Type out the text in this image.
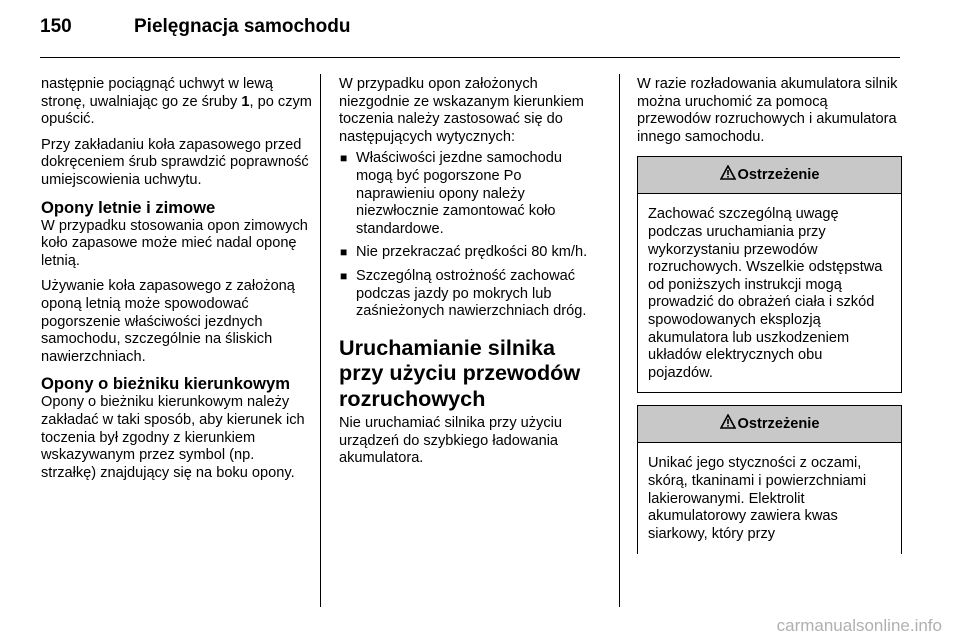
150	Pielęgnacja samochodu

następnie pociągnąć uchwyt w lewą stronę, uwalniając go ze śruby 1, po czym opuścić.

Przy zakładaniu koła zapasowego przed dokręceniem śrub sprawdzić poprawność umiejscowienia uchwytu.

Opony letnie i zimowe

W przypadku stosowania opon zimowych koło zapasowe może mieć nadal oponę letnią.

Używanie koła zapasowego z założoną oponą letnią może spowodować pogorszenie właściwości jezdnych samochodu, szczególnie na śliskich nawierzchniach.

Opony o bieżniku kierunkowym

Opony o bieżniku kierunkowym należy zakładać w taki sposób, aby kierunek ich toczenia był zgodny z kierunkiem wskazywanym przez symbol (np. strzałkę) znajdujący się na boku opony.

W przypadku opon założonych niezgodnie ze wskazanym kierunkiem toczenia należy zastosować się do następujących wytycznych:

■ Właściwości jezdne samochodu mogą być pogorszone Po naprawieniu opony należy niezwłocznie zamontować koło standardowe.
■ Nie przekraczać prędkości 80 km/h.
■ Szczególną ostrożność zachować podczas jazdy po mokrych lub zaśnieżonych nawierzchniach dróg.
Uruchamianie silnika przy użyciu przewodów rozruchowych

Nie uruchamiać silnika przy użyciu urządzeń do szybkiego ładowania akumulatora.

W razie rozładowania akumulatora silnik można uruchomić za pomocą przewodów rozruchowych i akumulatora innego samochodu.

Ostrzeżenie
Zachować szczególną uwagę podczas uruchamiania przy wykorzystaniu przewodów rozruchowych. Wszelkie odstępstwa od poniższych instrukcji mogą prowadzić do obrażeń ciała i szkód spowodowanych eksplozją akumulatora lub uszkodzeniem układów elektrycznych obu pojazdów.
Ostrzeżenie
Unikać jego styczności z oczami, skórą, tkaninami i powierzchniami lakierowanymi. Elektrolit akumulatorowy zawiera kwas siarkowy, który przy
carmanualsonline.info
